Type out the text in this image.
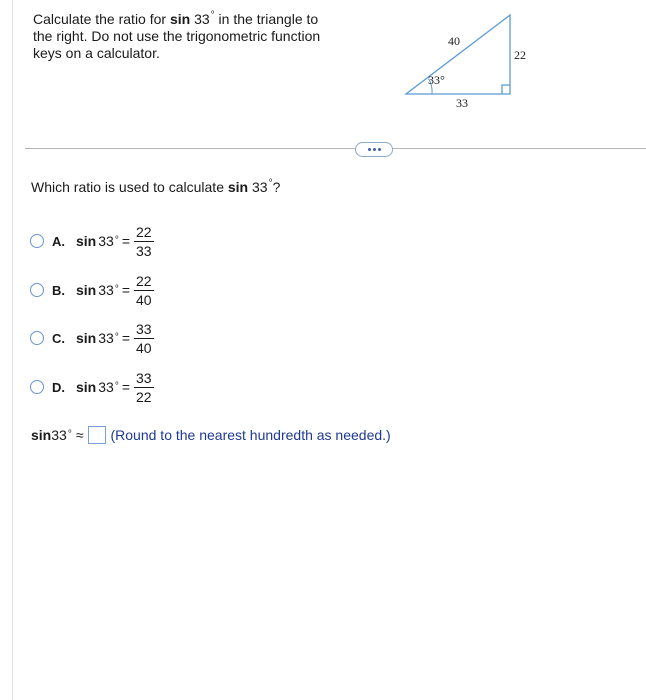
Calculate the ratio for sin 33° in the triangle to the right. Do not use the trigonometric function keys on a calculator.
40
22
33
33°
Which ratio is used to calculate sin 33°?
A. sin 33 ° = $\frac{22}{33}$
B. sin 33 ° = $\frac{22}{40}$
C. sin 33 ° = $\frac{33}{40}$
D. sin 33 ° = $\frac{33}{22}$
sin 33 ° ≈ (Round to the nearest hundredth as needed.)
